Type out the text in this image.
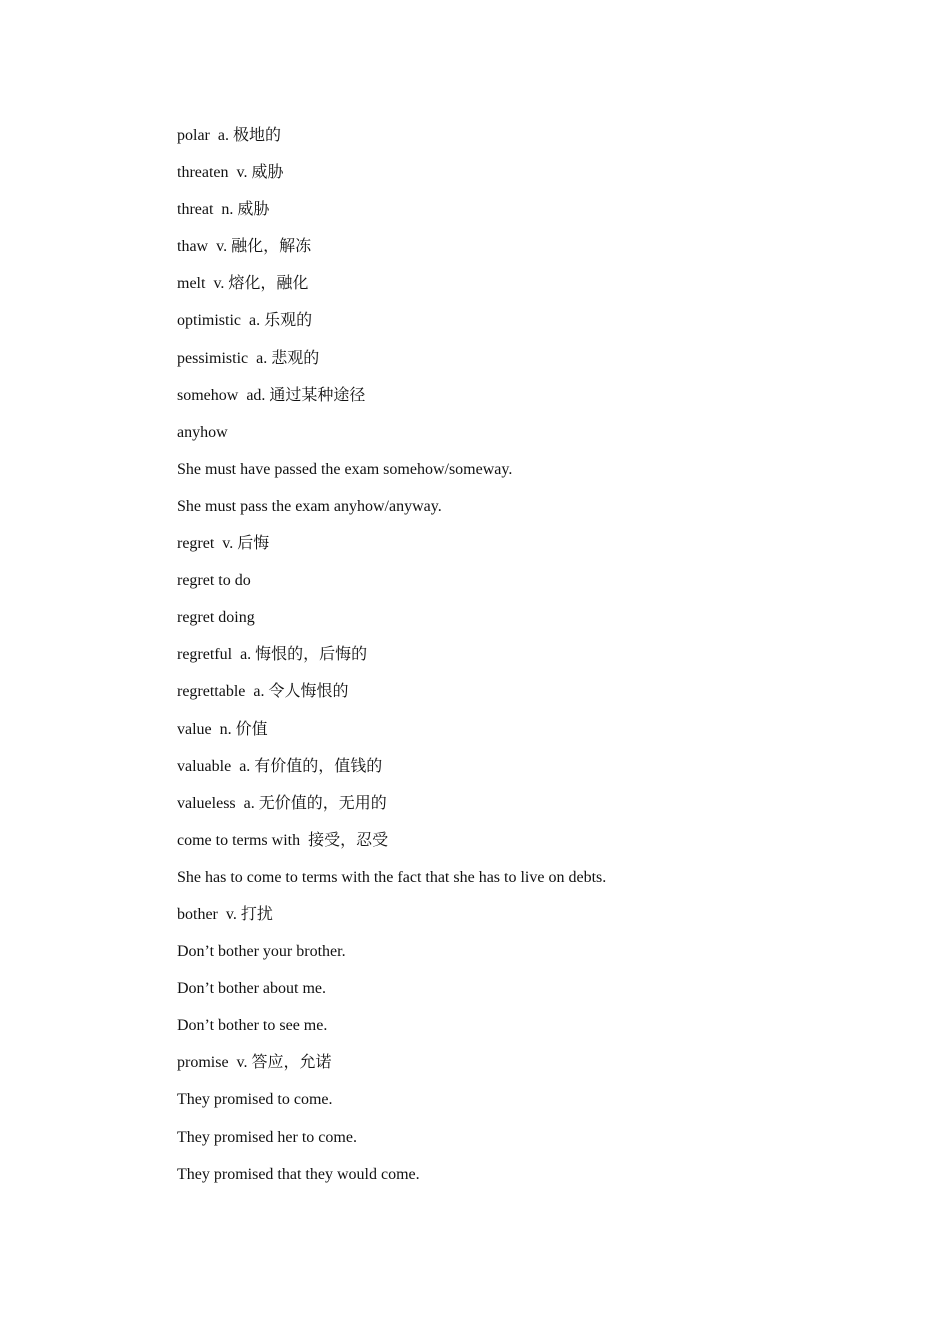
polar  a. 极地的
threaten  v. 威胁
threat  n. 威胁
thaw  v. 融化，解冻
melt  v. 熔化，融化
optimistic  a. 乐观的
pessimistic  a. 悲观的
somehow  ad. 通过某种途径
anyhow
She must have passed the exam somehow/someway.
She must pass the exam anyhow/anyway.
regret  v. 后悔
regret to do
regret doing
regretful  a. 悔恨的，后悔的
regrettable  a. 令人悔恨的
value  n. 价值
valuable  a. 有价值的，值钱的
valueless  a. 无价值的，无用的
come to terms with  接受，忍受
She has to come to terms with the fact that she has to live on debts.
bother  v. 打扰
Don’t bother your brother.
Don’t bother about me.
Don’t bother to see me.
promise  v. 答应，允诺
They promised to come.
They promised her to come.
They promised that they would come.
